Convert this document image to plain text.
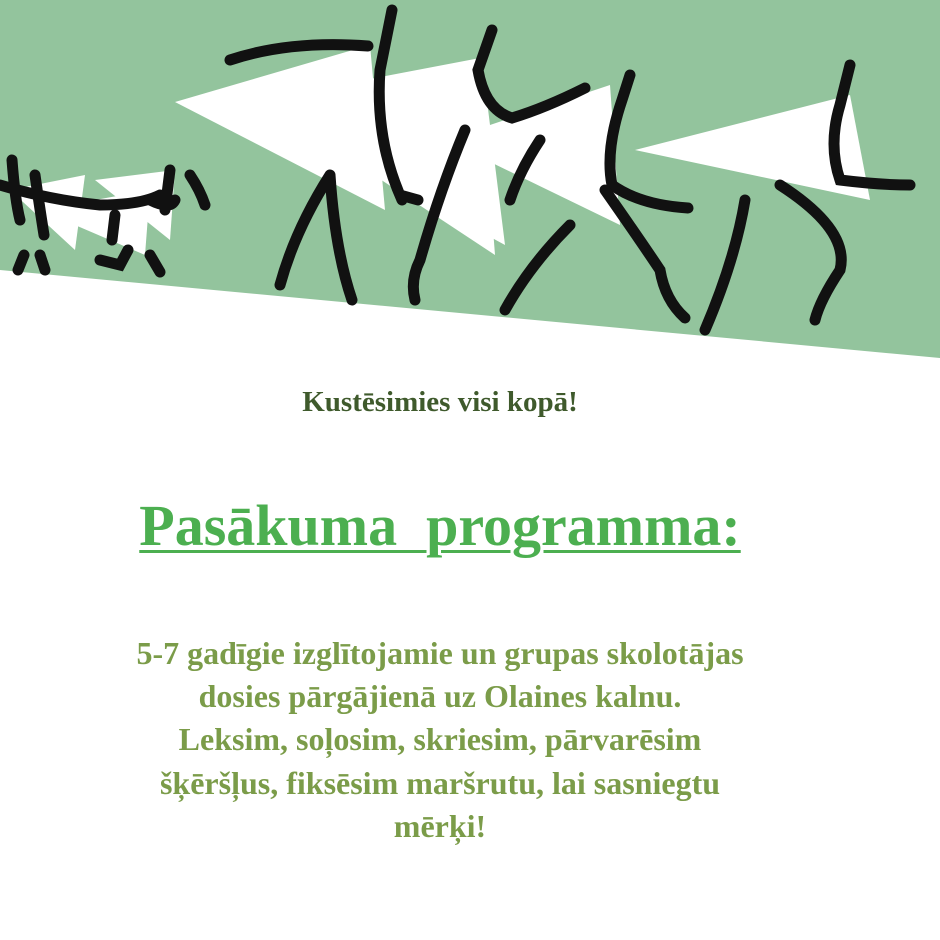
Kustēsimies visi kopā!
Pasākuma  programma:
5-7 gadīgie izglītojamie un grupas skolotājas
dosies pārgājienā uz Olaines kalnu.
Leksim, soļosim, skriesim, pārvarēsim
šķēršļus, fiksēsim maršrutu, lai sasniegtu
mērķi!
